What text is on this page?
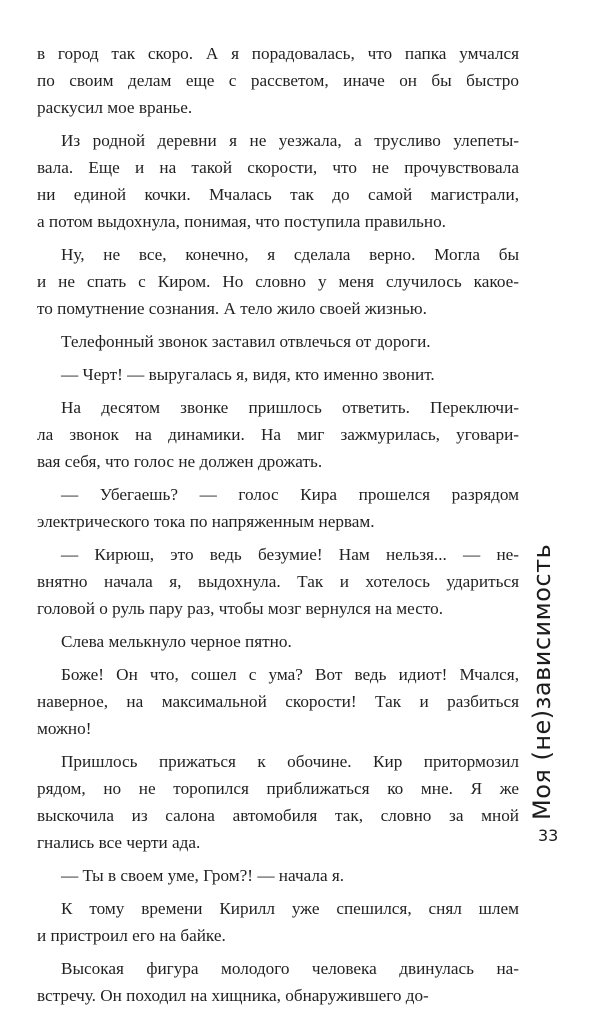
в город так скоро. А я порадовалась, что папка умчался
по своим делам еще с рассветом, иначе он бы быстро
раскусил мое вранье.
Из родной деревни я не уезжала, а трусливо улепеты-
вала. Еще и на такой скорости, что не прочувствовала
ни единой кочки. Мчалась так до самой магистрали,
а потом выдохнула, понимая, что поступила правильно.
Ну, не все, конечно, я сделала верно. Могла бы
и не спать с Киром. Но словно у меня случилось какое-
то помутнение сознания. А тело жило своей жизнью.
Телефонный звонок заставил отвлечься от дороги.
— Черт! — выругалась я, видя, кто именно звонит.
На десятом звонке пришлось ответить. Переключи-
ла звонок на динамики. На миг зажмурилась, уговари-
вая себя, что голос не должен дрожать.
— Убегаешь? — голос Кира прошелся разрядом
электрического тока по напряженным нервам.
— Кирюш, это ведь безумие! Нам нельзя... — не-
внятно начала я, выдохнула. Так и хотелось удариться
головой о руль пару раз, чтобы мозг вернулся на место.
Слева мелькнуло черное пятно.
Боже! Он что, сошел с ума? Вот ведь идиот! Мчался,
наверное, на максимальной скорости! Так и разбиться
можно!
Пришлось прижаться к обочине. Кир притормозил
рядом, но не торопился приближаться ко мне. Я же
выскочила из салона автомобиля так, словно за мной
гнались все черти ада.
— Ты в своем уме, Гром?! — начала я.
К тому времени Кирилл уже спешился, снял шлем
и пристроил его на байке.
Высокая фигура молодого человека двинулась на-
встречу. Он походил на хищника, обнаружившего до-
Моя (не)зависимость
33
